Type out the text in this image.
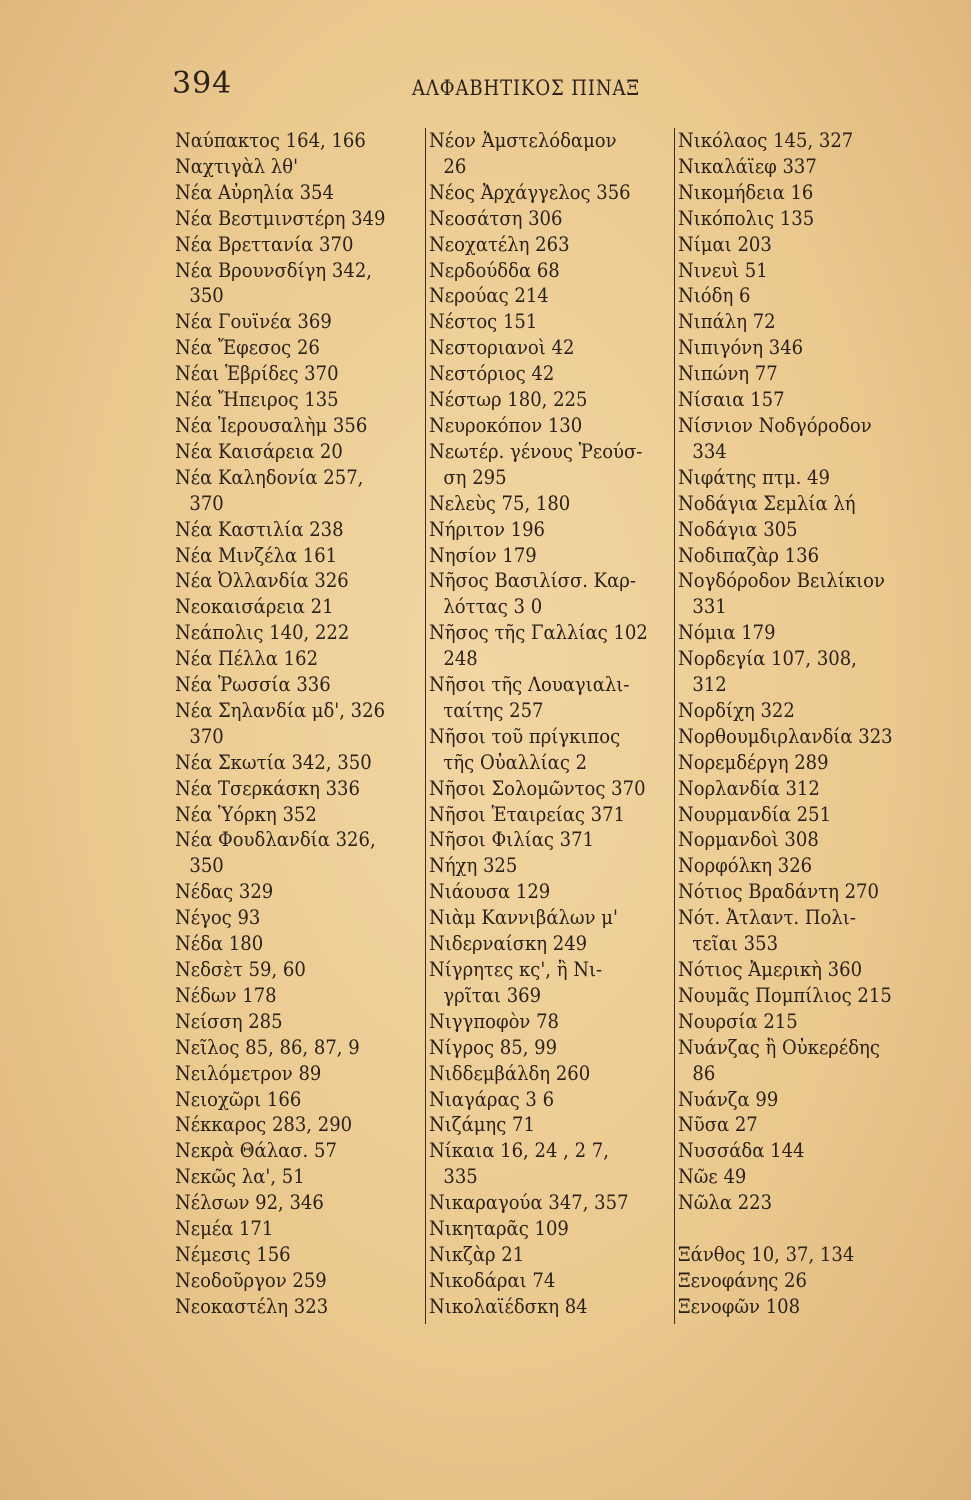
394	ΑΛΦΑΒΗΤΙΚΟΣ ΠΙΝΑΞ
Ναύπακτος 164, 166
Ναχτιγὰλ λθ'
Νέα Αὐρηλία 354
Νέα Βεστμινστέρη 349
Νέα Βρεττανία 370
Νέα Βρουνσδίγη 342,
350
Νέα Γουϊνέα 369
Νέα Ἔφεσος 26
Νέαι Ἑβρίδες 370
Νέα Ἤπειρος 135
Νέα Ἱερουσαλὴμ 356
Νέα Καισάρεια 20
Νέα Καληδονία 257,
370
Νέα Καστιλία 238
Νέα Μινζέλα 161
Νέα Ὀλλανδία 326
Νεοκαισάρεια 21
Νεάπολις 140, 222
Νέα Πέλλα 162
Νέα Ῥωσσία 336
Νέα Σηλανδία μδ', 326
370
Νέα Σκωτία 342, 350
Νέα Τσερκάσκη 336
Νέα Ὑόρκη 352
Νέα Φουδλανδία 326,
350
Νέδας 329
Νέγος 93
Νέδα 180
Νεδσὲτ 59, 60
Νέδων 178
Νείσση 285
Νεῖλος 85, 86, 87, 9
Νειλόμετρον 89
Νειοχῶρι 166
Νέκκαρος 283, 290
Νεκρὰ Θάλασ. 57
Νεκῶς λα', 51
Νέλσων 92, 346
Νεμέα 171
Νέμεσις 156
Νεοδοῦργον 259
Νεοκαστέλη 323
Νέον Ἀμστελόδαμον
26
Νέος Ἀρχάγγελος 356
Νεοσάτση 306
Νεοχατέλη 263
Νερδούδδα 68
Νερούας 214
Νέστος 151
Νεστοριανοὶ 42
Νεστόριος 42
Νέστωρ 180, 225
Νευροκόπον 130
Νεωτέρ. γένους Ῥεούσ-
ση 295
Νελεὺς 75, 180
Νήριτον 196
Νησίον 179
Νῆσος Βασιλίσσ. Καρ-
λόττας 3 0
Νῆσος τῆς Γαλλίας 102
248
Νῆσοι τῆς Λουαγιαλι-
ταίτης 257
Νῆσοι τοῦ πρίγκιπος
τῆς Οὐαλλίας 2
Νῆσοι Σολομῶντος 370
Νῆσοι Ἑταιρείας 371
Νῆσοι Φιλίας 371
Νήχη 325
Νιάουσα 129
Νιὰμ Καννιβάλων μ'
Νιδερναίσκη 249
Νίγρητες κς', ἢ Νι-
γρῖται 369
Νιγγποφὸν 78
Νίγρος 85, 99
Νιδδεμβάλδη 260
Νιαγάρας 3 6
Νιζάμης 71
Νίκαια 16, 24 , 2 7,
335
Νικαραγούα 347, 357
Νικηταρᾶς 109
Νικζὰρ 21
Νικοδάραι 74
Νικολαϊέδσκη 84
Νικόλαος 145, 327
Νικαλάϊεφ 337
Νικομήδεια 16
Νικόπολις 135
Νίμαι 203
Νινευὶ 51
Νιόδη 6
Νιπάλη 72
Νιπιγόνη 346
Νιπώνη 77
Νίσαια 157
Νίσνιον Νοδγόροδον
334
Νιφάτης πτμ. 49
Νοδάγια Σεμλία λή
Νοδάγια 305
Νοδιπαζὰρ 136
Νογδόροδον Βειλίκιον
331
Νόμια 179
Νορδεγία 107, 308,
312
Νορδίχη 322
Νορθουμδιρλανδία 323
Νορεμδέργη 289
Νορλανδία 312
Νουρμανδία 251
Νορμανδοὶ 308
Νορφόλκη 326
Νότιος Βραδάντη 270
Νότ. Ἀτλαντ. Πολι-
τεῖαι 353
Νότιος Ἀμερικὴ 360
Νουμᾶς Πομπίλιος 215
Νουρσία 215
Νυάνζας ἢ Οὐκερέδης
86
Νυάνζα 99
Νῦσα 27
Νυσσάδα 144
Νῶε 49
Νῶλα 223
Ξάνθος 10, 37, 134
Ξενοφάνης 26
Ξενοφῶν 108
